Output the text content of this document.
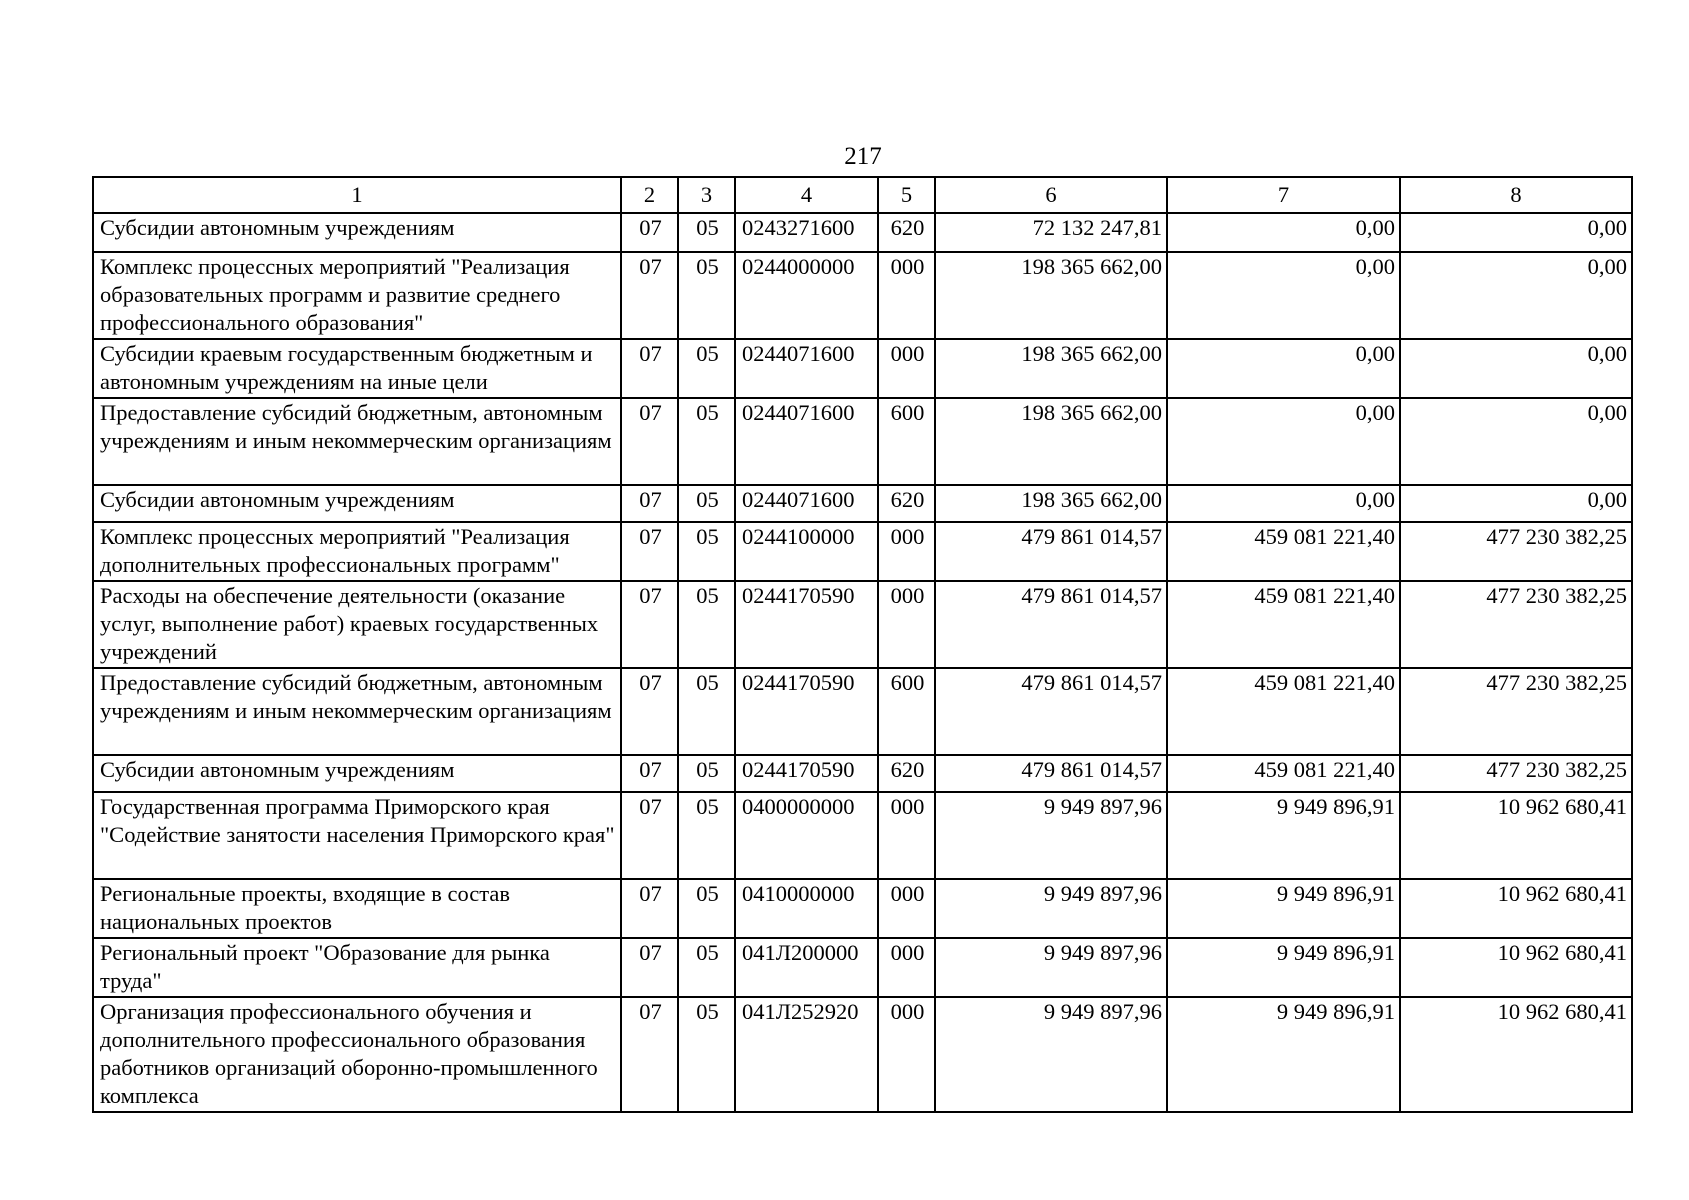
217
1	2	3	4	5	6	7	8
Субсидии автономным учреждениям	07	05	0243271600	620	72 132 247,81	0,00	0,00
Комплекс процессных мероприятий "Реализация образовательных программ и развитие среднего профессионального образования"	07	05	0244000000	000	198 365 662,00	0,00	0,00
Субсидии краевым государственным бюджетным и автономным учреждениям на иные цели	07	05	0244071600	000	198 365 662,00	0,00	0,00
Предоставление субсидий бюджетным, автономным учреждениям и иным некоммерческим организациям	07	05	0244071600	600	198 365 662,00	0,00	0,00
Субсидии автономным учреждениям	07	05	0244071600	620	198 365 662,00	0,00	0,00
Комплекс процессных мероприятий "Реализация дополнительных профессиональных программ"	07	05	0244100000	000	479 861 014,57	459 081 221,40	477 230 382,25
Расходы на обеспечение деятельности (оказание услуг, выполнение работ) краевых государственных учреждений	07	05	0244170590	000	479 861 014,57	459 081 221,40	477 230 382,25
Предоставление субсидий бюджетным, автономным учреждениям и иным некоммерческим организациям	07	05	0244170590	600	479 861 014,57	459 081 221,40	477 230 382,25
Субсидии автономным учреждениям	07	05	0244170590	620	479 861 014,57	459 081 221,40	477 230 382,25
Государственная программа Приморского края "Содействие занятости населения Приморского края"	07	05	0400000000	000	9 949 897,96	9 949 896,91	10 962 680,41
Региональные проекты, входящие в состав национальных проектов	07	05	0410000000	000	9 949 897,96	9 949 896,91	10 962 680,41
Региональный проект "Образование для рынка труда"	07	05	041Л200000	000	9 949 897,96	9 949 896,91	10 962 680,41
Организация профессионального обучения и дополнительного профессионального образования работников организаций оборонно-промышленного комплекса	07	05	041Л252920	000	9 949 897,96	9 949 896,91	10 962 680,41
